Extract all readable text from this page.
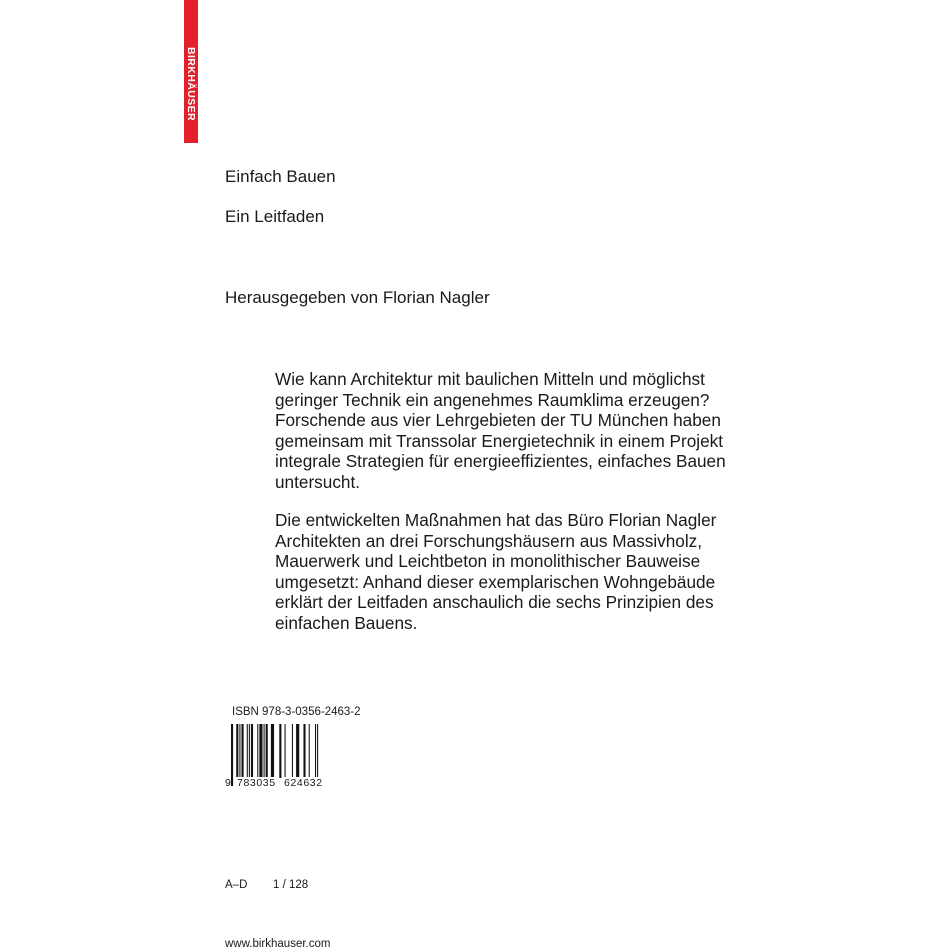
BIRKHÄUSER
Einfach Bauen
Ein Leitfaden
Herausgegeben von Florian Nagler

Wie kann Architektur mit baulichen Mitteln und möglichst
geringer Technik ein angenehmes Raumklima erzeugen?
Forschende aus vier Lehrgebieten der TU München haben
gemeinsam mit Transsolar Energietechnik in einem Projekt
integrale Strategien für energieeffizientes, einfaches Bauen
untersucht.

Die entwickelten Maßnahmen hat das Büro Florian Nagler
Architekten an drei Forschungshäusern aus Massivholz,
Mauerwerk und Leichtbeton in monolithischer Bauweise
umgesetzt: Anhand dieser exemplarischen Wohngebäude
erklärt der Leitfaden anschaulich die sechs Prinzipien des
einfachen Bauens.

ISBN 978-3-0356-2463-2
9 783035 624632
A–D 1 / 128
www.birkhauser.com
